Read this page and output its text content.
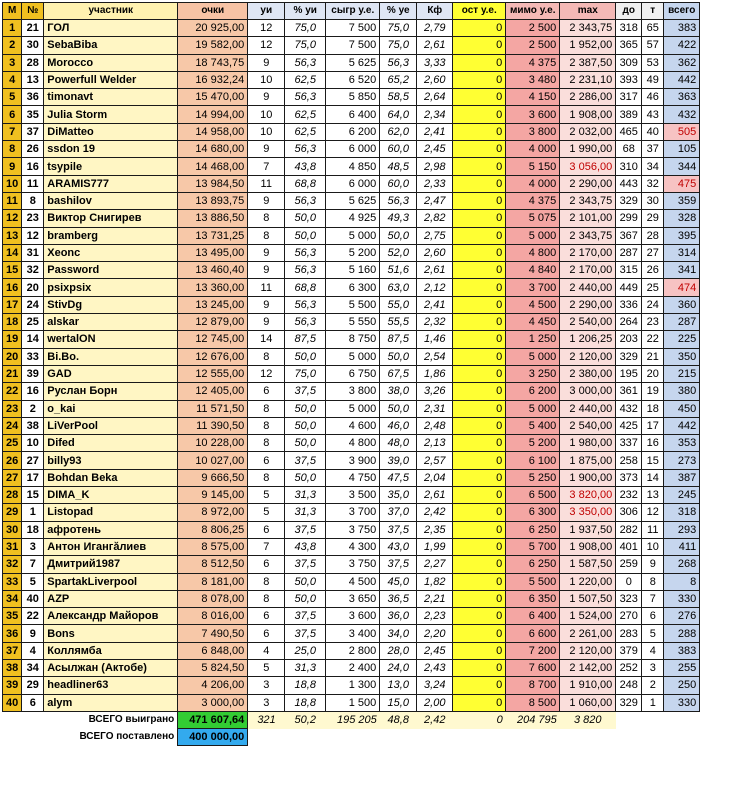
М	№	участник	очки	уи	% уи	сыгр у.е.	% уе	Кф	ост у.е.	мимо у.е.	max	до	т	всего
1	21	ГОЛ	20 925,00	12	75,0	7 500	75,0	2,79	0	2 500	2 343,75	318	65	383
2	30	SebaBiba	19 582,00	12	75,0	7 500	75,0	2,61	0	2 500	1 952,00	365	57	422
3	28	Morocco	18 743,75	9	56,3	5 625	56,3	3,33	0	4 375	2 387,50	309	53	362
4	13	Powerfull Welder	16 932,24	10	62,5	6 520	65,2	2,60	0	3 480	2 231,10	393	49	442
5	36	timonavt	15 470,00	9	56,3	5 850	58,5	2,64	0	4 150	2 286,00	317	46	363
6	35	Julia Storm	14 994,00	10	62,5	6 400	64,0	2,34	0	3 600	1 908,00	389	43	432
7	37	DiMatteo	14 958,00	10	62,5	6 200	62,0	2,41	0	3 800	2 032,00	465	40	505
8	26	ssdon 19	14 680,00	9	56,3	6 000	60,0	2,45	0	4 000	1 990,00	68	37	105
9	16	tsypile	14 468,00	7	43,8	4 850	48,5	2,98	0	5 150	3 056,00	310	34	344
10	11	ARAMIS777	13 984,50	11	68,8	6 000	60,0	2,33	0	4 000	2 290,00	443	32	475
11	8	bashilov	13 893,75	9	56,3	5 625	56,3	2,47	0	4 375	2 343,75	329	30	359
12	23	Виктор Снигирев	13 886,50	8	50,0	4 925	49,3	2,82	0	5 075	2 101,00	299	29	328
13	12	bramberg	13 731,25	8	50,0	5 000	50,0	2,75	0	5 000	2 343,75	367	28	395
14	31	Xeonc	13 495,00	9	56,3	5 200	52,0	2,60	0	4 800	2 170,00	287	27	314
15	32	Password	13 460,40	9	56,3	5 160	51,6	2,61	0	4 840	2 170,00	315	26	341
16	20	psixpsix	13 360,00	11	68,8	6 300	63,0	2,12	0	3 700	2 440,00	449	25	474
17	24	StivDg	13 245,00	9	56,3	5 500	55,0	2,41	0	4 500	2 290,00	336	24	360
18	25	alskar	12 879,00	9	56,3	5 550	55,5	2,32	0	4 450	2 540,00	264	23	287
19	14	wertalON	12 745,00	14	87,5	8 750	87,5	1,46	0	1 250	1 206,25	203	22	225
20	33	Bi.Bo.	12 676,00	8	50,0	5 000	50,0	2,54	0	5 000	2 120,00	329	21	350
21	39	GAD	12 555,00	12	75,0	6 750	67,5	1,86	0	3 250	2 380,00	195	20	215
22	16	Руслан Борн	12 405,00	6	37,5	3 800	38,0	3,26	0	6 200	3 000,00	361	19	380
23	2	o_kai	11 571,50	8	50,0	5 000	50,0	2,31	0	5 000	2 440,00	432	18	450
24	38	LiVerPool	11 390,50	8	50,0	4 600	46,0	2,48	0	5 400	2 540,00	425	17	442
25	10	Difed	10 228,00	8	50,0	4 800	48,0	2,13	0	5 200	1 980,00	337	16	353
26	27	billy93	10 027,00	6	37,5	3 900	39,0	2,57	0	6 100	1 875,00	258	15	273
27	17	Bohdan Beka	9 666,50	8	50,0	4 750	47,5	2,04	0	5 250	1 900,00	373	14	387
28	15	DIMA_K	9 145,00	5	31,3	3 500	35,0	2,61	0	6 500	3 820,00	232	13	245
29	1	Listopad	8 972,00	5	31,3	3 700	37,0	2,42	0	6 300	3 350,00	306	12	318
30	18	афротень	8 806,25	6	37,5	3 750	37,5	2,35	0	6 250	1 937,50	282	11	293
31	3	Антон Игангӑлиев	8 575,00	7	43,8	4 300	43,0	1,99	0	5 700	1 908,00	401	10	411
32	7	Дмитрий1987	8 512,50	6	37,5	3 750	37,5	2,27	0	6 250	1 587,50	259	9	268
33	5	SpartakLiverpool	8 181,00	8	50,0	4 500	45,0	1,82	0	5 500	1 220,00	0	8	8
34	40	AZP	8 078,00	8	50,0	3 650	36,5	2,21	0	6 350	1 507,50	323	7	330
35	22	Александр Майоров	8 016,00	6	37,5	3 600	36,0	2,23	0	6 400	1 524,00	270	6	276
36	9	Bons	7 490,50	6	37,5	3 400	34,0	2,20	0	6 600	2 261,00	283	5	288
37	4	Коллямба	6 848,00	4	25,0	2 800	28,0	2,45	0	7 200	2 120,00	379	4	383
38	34	Асылжан (Актобе)	5 824,50	5	31,3	2 400	24,0	2,43	0	7 600	2 142,00	252	3	255
39	29	headliner63	4 206,00	3	18,8	1 300	13,0	3,24	0	8 700	1 910,00	248	2	250
40	6	alym	3 000,00	3	18,8	1 500	15,0	2,00	0	8 500	1 060,00	329	1	330
ВСЕГО выиграно			471 607,64	321	50,2	195 205	48,8	2,42	0	204 795	3 820			
ВСЕГО поставлено			400 000,00											
